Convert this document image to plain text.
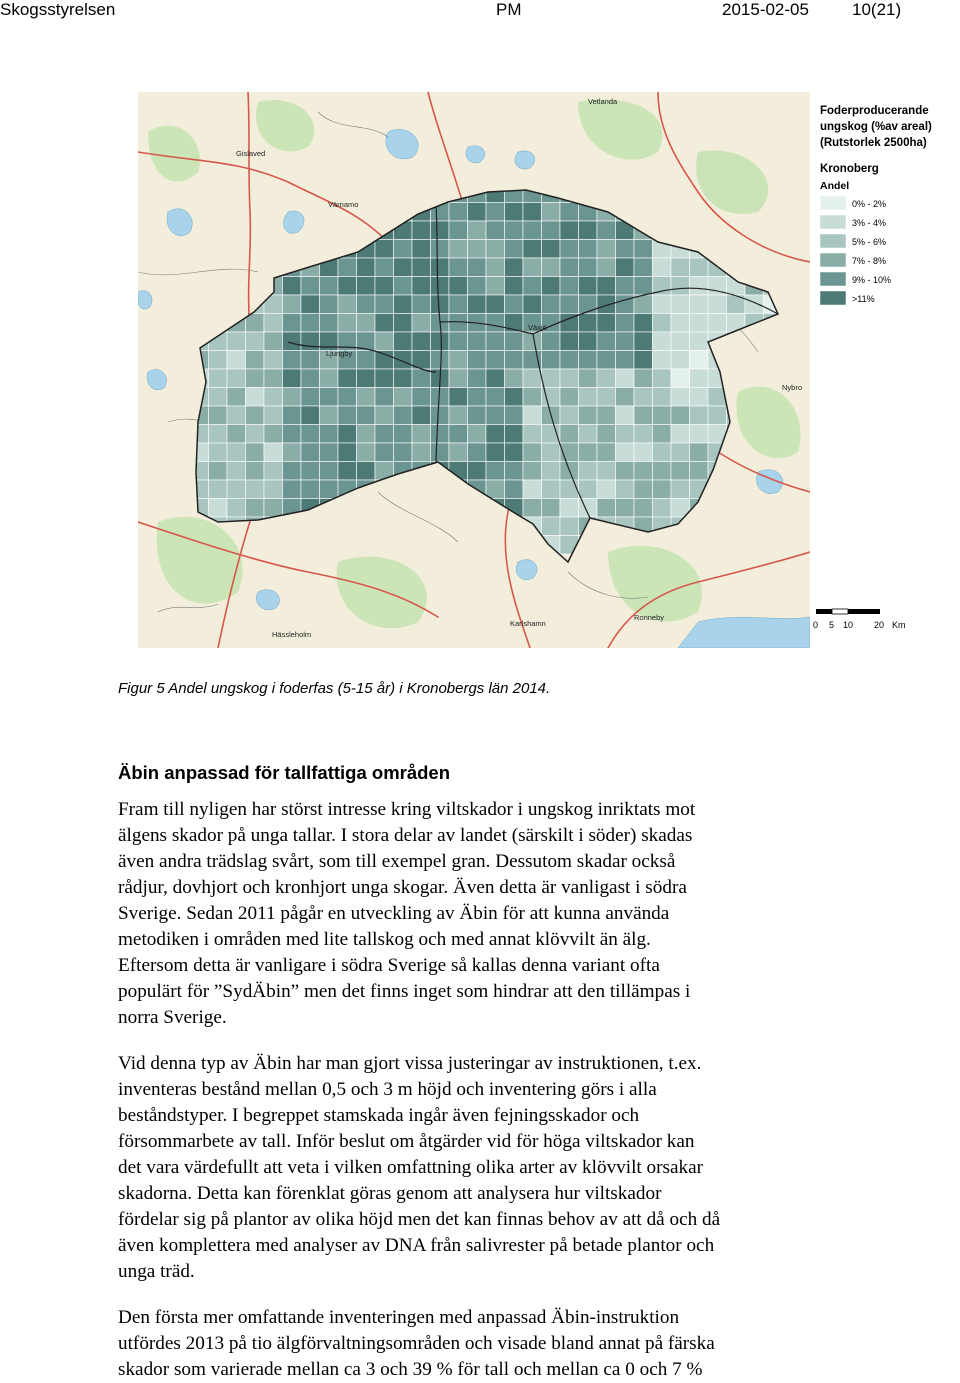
Skogsstyrelsen	PM	2015-02-05	10(21)
Gislaved
Värnamo
Vetlanda
Växjö
Ljungby
Karlshamn
Ronneby
Hässleholm
Nybro
Foderproducerande
ungskog (%av areal)
(Rutstorlek 2500ha)
Kronoberg
Andel
0% - 2%
3% - 4%
5% - 6%
7% - 8%
9% - 10%
>11%
0 5 10 20 Km
Figur 5 Andel ungskog i foderfas (5-15 år) i Kronobergs län 2014.
Äbin anpassad för tallfattiga områden
Fram till nyligen har störst intresse kring viltskador i ungskog inriktats mot
älgens skador på unga tallar. I stora delar av landet (särskilt i söder) skadas
även andra trädslag svårt, som till exempel gran. Dessutom skadar också
rådjur, dovhjort och kronhjort unga skogar. Även detta är vanligast i södra
Sverige. Sedan 2011 pågår en utveckling av Äbin för att kunna använda
metodiken i områden med lite tallskog och med annat klövvilt än älg.
Eftersom detta är vanligare i södra Sverige så kallas denna variant ofta
populärt för ”SydÄbin” men det finns inget som hindrar att den tillämpas i
norra Sverige.
Vid denna typ av Äbin har man gjort vissa justeringar av instruktionen, t.ex.
inventeras bestånd mellan 0,5 och 3 m höjd och inventering görs i alla
beståndstyper. I begreppet stamskada ingår även fejningsskador och
försommarbete av tall. Inför beslut om åtgärder vid för höga viltskador kan
det vara värdefullt att veta i vilken omfattning olika arter av klövvilt orsakar
skadorna. Detta kan förenklat göras genom att analysera hur viltskador
fördelar sig på plantor av olika höjd men det kan finnas behov av att då och då
även komplettera med analyser av DNA från salivrester på betade plantor och
unga träd.
Den första mer omfattande inventeringen med anpassad Äbin-instruktion
utfördes 2013 på tio älgförvaltningsområden och visade bland annat på färska
skador som varierade mellan ca 3 och 39 % för tall och mellan ca 0 och 7 %
